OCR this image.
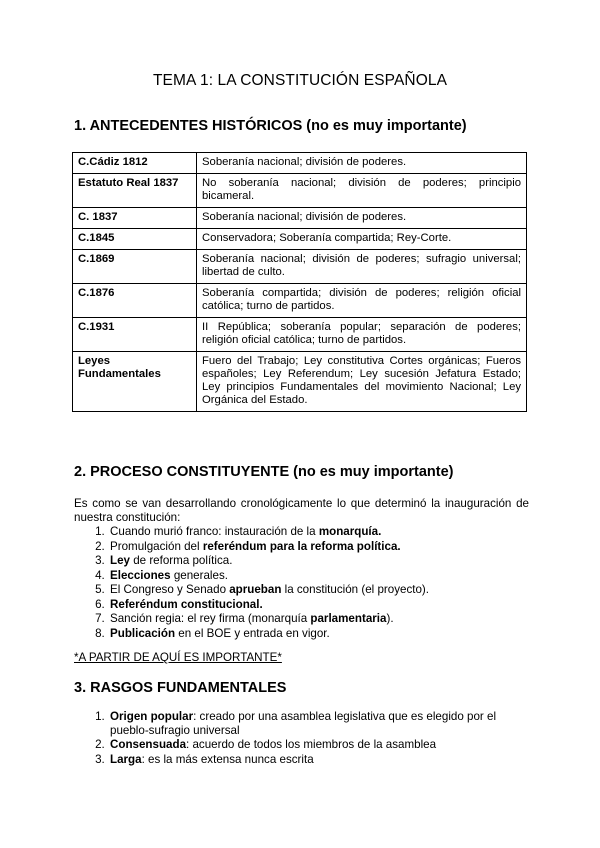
TEMA 1: LA CONSTITUCIÓN ESPAÑOLA
1. ANTECEDENTES HISTÓRICOS (no es muy importante)
C.Cádiz 1812	Soberanía nacional; división de poderes.
Estatuto Real 1837	No soberanía nacional; división de poderes; principio bicameral.
C. 1837	Soberanía nacional; división de poderes.
C.1845	Conservadora; Soberanía compartida; Rey-Corte.
C.1869	Soberanía nacional; división de poderes; sufragio universal; libertad de culto.
C.1876	Soberanía compartida; división de poderes; religión oficial católica; turno de partidos.
C.1931	II República; soberanía popular; separación de poderes; religión oficial católica; turno de partidos.
Leyes Fundamentales	Fuero del Trabajo; Ley constitutiva Cortes orgánicas; Fueros españoles; Ley Referendum; Ley sucesión Jefatura Estado; Ley principios Fundamentales del movimiento Nacional; Ley Orgánica del Estado.
2. PROCESO CONSTITUYENTE (no es muy importante)

Es como se van desarrollando cronológicamente lo que determinó la inauguración de nuestra constitución:

1. Cuando murió franco: instauración de la monarquía.
2. Promulgación del referéndum para la reforma política.
3. Ley de reforma política.
4. Elecciones generales.
5. El Congreso y Senado aprueban la constitución (el proyecto).
6. Referéndum constitucional.
7. Sanción regia: el rey firma (monarquía parlamentaria).
8. Publicación en el BOE y entrada en vigor.

*A PARTIR DE AQUÍ ES IMPORTANTE*

3. RASGOS FUNDAMENTALES
1. Origen popular: creado por una asamblea legislativa que es elegido por el pueblo-sufragio universal
2. Consensuada: acuerdo de todos los miembros de la asamblea
3. Larga: es la más extensa nunca escrita
